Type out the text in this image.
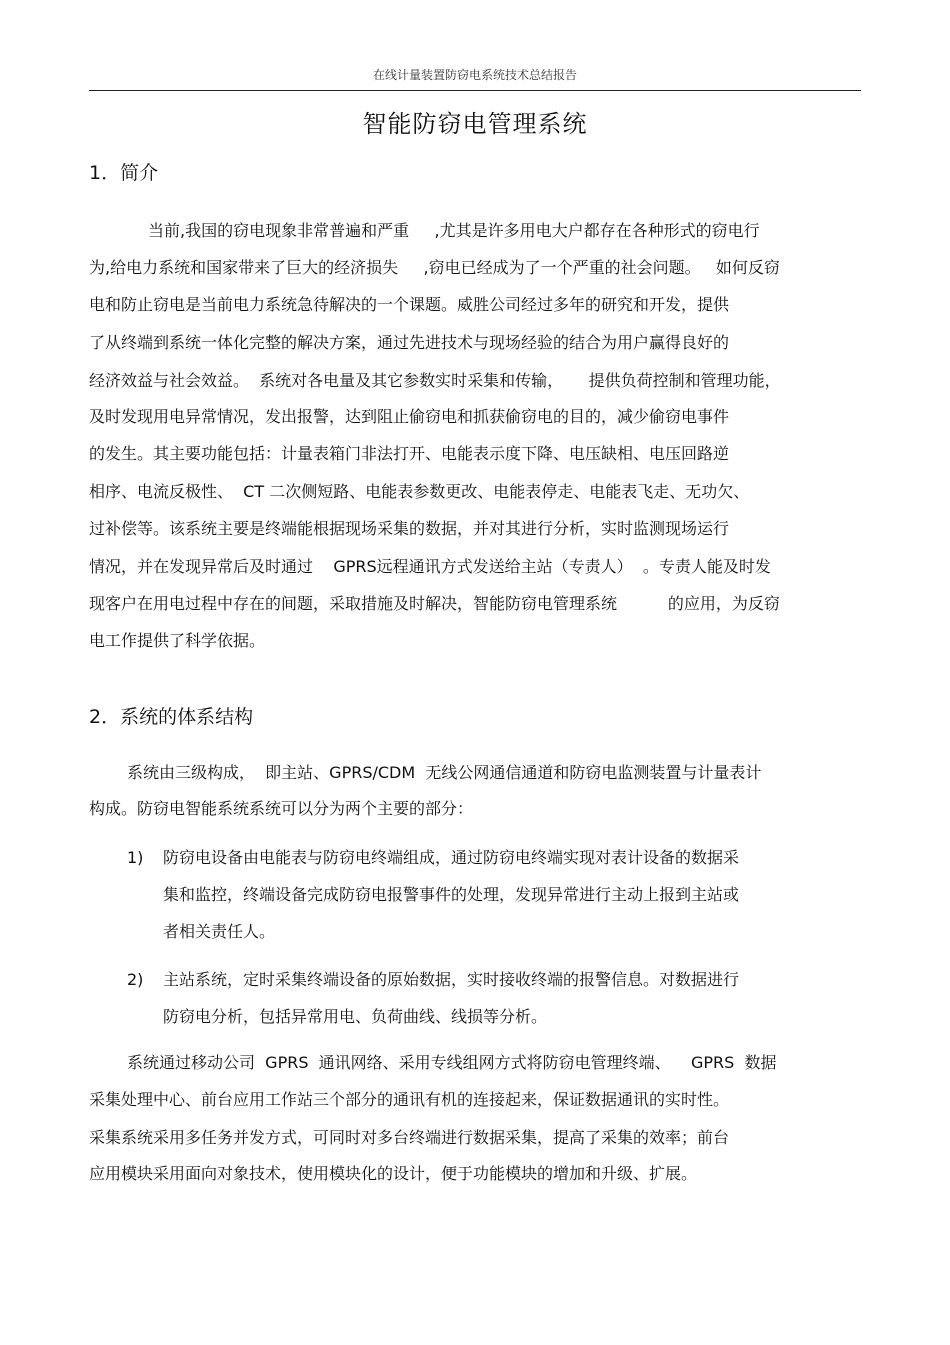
在线计量装置防窃电系统技术总结报告
智能防窃电管理系统
1．简介
当前,我国的窃电现象非常普遍和严重     ,尤其是许多用电大户都存在各种形式的窃电行
为,给电力系统和国家带来了巨大的经济损失     ,窃电已经成为了一个严重的社会问题。   如何反窃
电和防止窃电是当前电力系统急待解决的一个课题。威胜公司经过多年的研究和开发，提供
了从终端到系统一体化完整的解决方案，通过先进技术与现场经验的结合为用户赢得良好的
经济效益与社会效益。  系统对各电量及其它参数实时采集和传输，     提供负荷控制和管理功能，
及时发现用电异常情况，发出报警，达到阻止偷窃电和抓获偷窃电的目的，减少偷窃电事件
的发生。其主要功能包括：计量表箱门非法打开、电能表示度下降、电压缺相、电压回路逆
相序、电流反极性、  CT 二次侧短路、电能表参数更改、电能表停走、电能表飞走、无功欠、
过补偿等。该系统主要是终端能根据现场采集的数据，并对其进行分析，实时监测现场运行
情况，并在发现异常后及时通过    GPRS远程通讯方式发送给主站（专责人）  。专责人能及时发
现客户在用电过程中存在的间题，采取措施及时解决，智能防窃电管理系统          的应用，为反窃
电工作提供了科学依据。
2．系统的体系结构
系统由三级构成，  即主站、GPRS/CDM  无线公网通信通道和防窃电监测装置与计量表计
构成。防窃电智能系统系统可以分为两个主要的部分：
1) 防窃电设备由电能表与防窃电终端组成，通过防窃电终端实现对表计设备的数据采
集和监控，终端设备完成防窃电报警事件的处理，发现异常进行主动上报到主站或
者相关责任人。
2) 主站系统，定时采集终端设备的原始数据，实时接收终端的报警信息。对数据进行
防窃电分析，包括异常用电、负荷曲线、线损等分析。
系统通过移动公司  GPRS  通讯网络、采用专线组网方式将防窃电管理终端、    GPRS  数据
采集处理中心、前台应用工作站三个部分的通讯有机的连接起来，保证数据通讯的实时性。
采集系统采用多任务并发方式，可同时对多台终端进行数据采集，提高了采集的效率；前台
应用模块采用面向对象技术，使用模块化的设计，便于功能模块的增加和升级、扩展。
